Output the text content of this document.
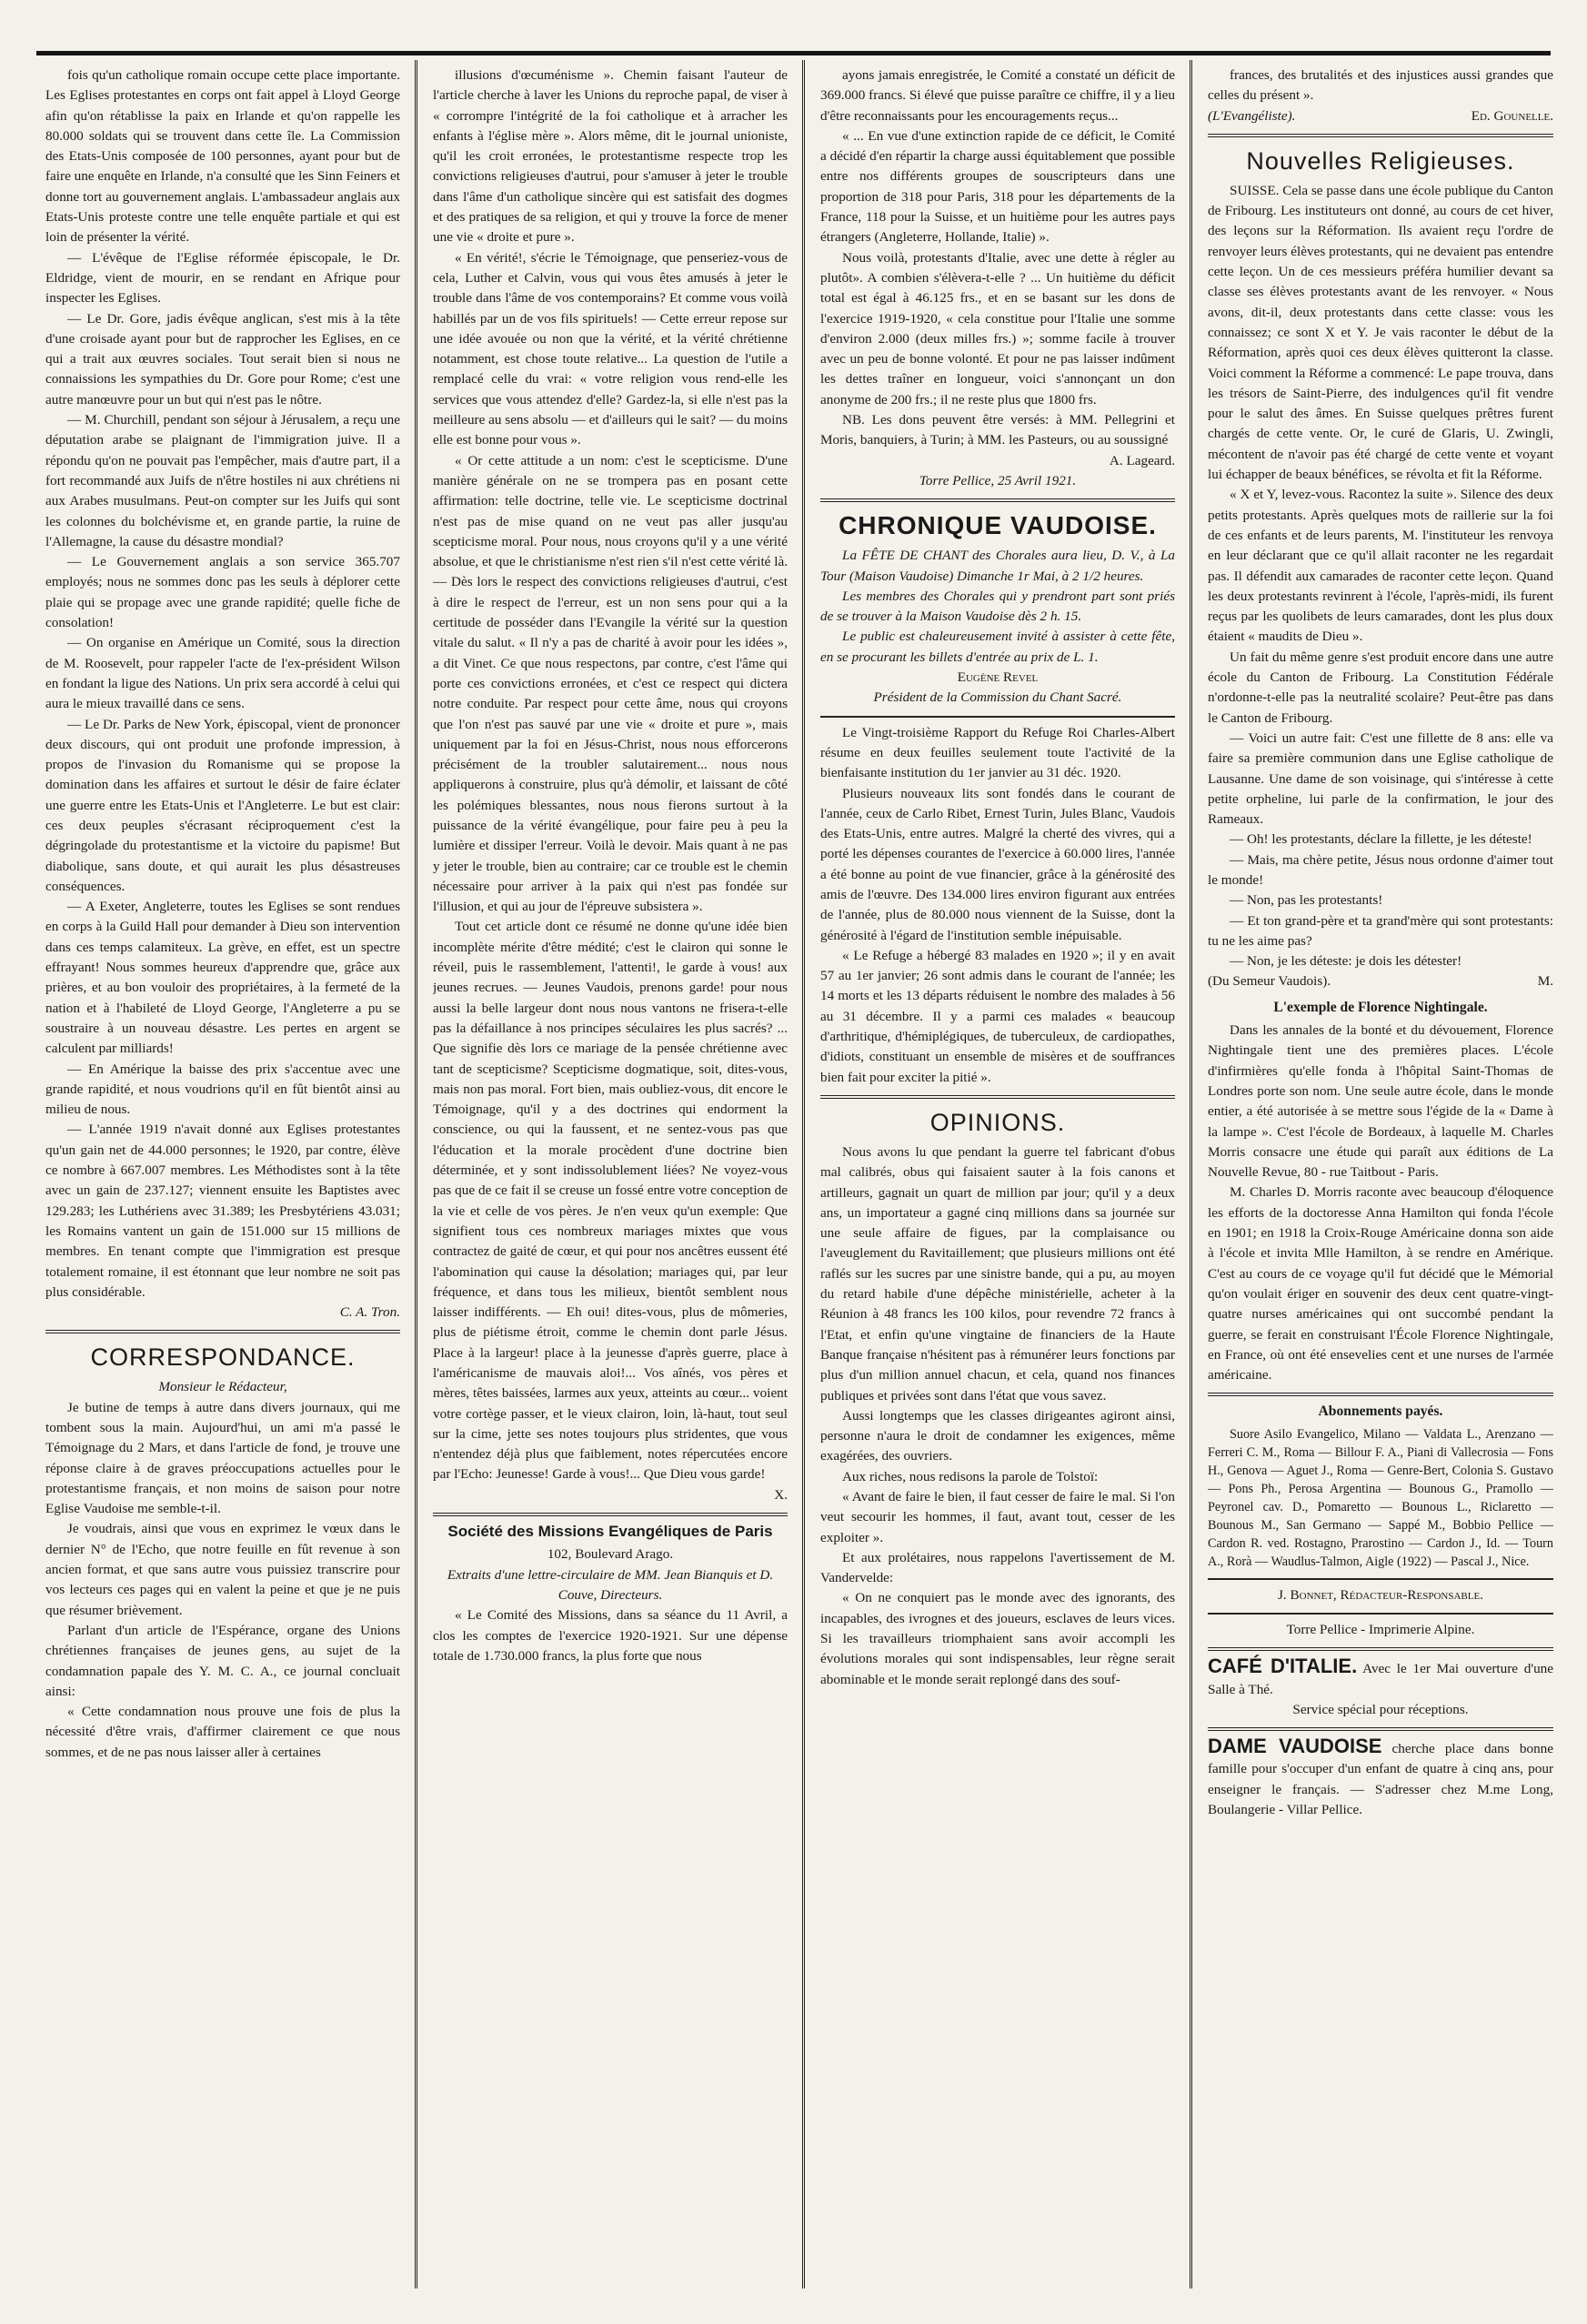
fois qu'un catholique romain occupe cette place importante. Les Eglises protestantes en corps ont fait appel à Lloyd George afin qu'on rétablisse la paix en Irlande et qu'on rappelle les 80.000 soldats qui se trouvent dans cette île. La Commission des Etats-Unis composée de 100 personnes, ayant pour but de faire une enquête en Irlande, n'a consulté que les Sinn Feiners et donne tort au gouvernement anglais. L'ambassadeur anglais aux Etats-Unis proteste contre une telle enquête partiale et qui est loin de présenter la vérité.

— L'évêque de l'Eglise réformée épiscopale, le Dr. Eldridge, vient de mourir, en se rendant en Afrique pour inspecter les Eglises.

— Le Dr. Gore, jadis évêque anglican, s'est mis à la tête d'une croisade ayant pour but de rapprocher les Eglises, en ce qui a trait aux œuvres sociales. Tout serait bien si nous ne connaissions les sympathies du Dr. Gore pour Rome; c'est une autre manœuvre pour un but qui n'est pas le nôtre.

— M. Churchill, pendant son séjour à Jérusalem, a reçu une députation arabe se plaignant de l'immigration juive. Il a répondu qu'on ne pouvait pas l'empêcher, mais d'autre part, il a fort recommandé aux Juifs de n'être hostiles ni aux chrétiens ni aux Arabes musulmans. Peut-on compter sur les Juifs qui sont les colonnes du bolchévisme et, en grande partie, la ruine de l'Allemagne, la cause du désastre mondial?

— Le Gouvernement anglais a son service 365.707 employés; nous ne sommes donc pas les seuls à déplorer cette plaie qui se propage avec une grande rapidité; quelle fiche de consolation!

— On organise en Amérique un Comité, sous la direction de M. Roosevelt, pour rappeler l'acte de l'ex-président Wilson en fondant la ligue des Nations. Un prix sera accordé à celui qui aura le mieux travaillé dans ce sens.

— Le Dr. Parks de New York, épiscopal, vient de prononcer deux discours, qui ont produit une profonde impression, à propos de l'invasion du Romanisme qui se propose la domination dans les affaires et surtout le désir de faire éclater une guerre entre les Etats-Unis et l'Angleterre. Le but est clair: ces deux peuples s'écrasant réciproquement c'est la dégringolade du protestantisme et la victoire du papisme! But diabolique, sans doute, et qui aurait les plus désastreuses conséquences.

— A Exeter, Angleterre, toutes les Eglises se sont rendues en corps à la Guild Hall pour demander à Dieu son intervention dans ces temps calamiteux. La grève, en effet, est un spectre effrayant! Nous sommes heureux d'apprendre que, grâce aux prières, et au bon vouloir des propriétaires, à la fermeté de la nation et à l'habileté de Lloyd George, l'Angleterre a pu se soustraire à un nouveau désastre. Les pertes en argent se calculent par milliards!

— En Amérique la baisse des prix s'accentue avec une grande rapidité, et nous voudrions qu'il en fût bientôt ainsi au milieu de nous.

— L'année 1919 n'avait donné aux Eglises protestantes qu'un gain net de 44.000 personnes; le 1920, par contre, élève ce nombre à 667.007 membres. Les Méthodistes sont à la tête avec un gain de 237.127; viennent ensuite les Baptistes avec 129.283; les Luthériens avec 31.389; les Presbytériens 43.031; les Romains vantent un gain de 151.000 sur 15 millions de membres. En tenant compte que l'immigration est presque totalement romaine, il est étonnant que leur nombre ne soit pas plus considérable.

C. A. Tron.

CORRESPONDANCE.

Monsieur le Rédacteur,

Je butine de temps à autre dans divers journaux, qui me tombent sous la main. Aujourd'hui, un ami m'a passé le Témoignage du 2 Mars, et dans l'article de fond, je trouve une réponse claire à de graves préoccupations actuelles pour le protestantisme français, et non moins de saison pour notre Eglise Vaudoise me semble-t-il.

Je voudrais, ainsi que vous en exprimez le vœux dans le dernier N° de l'Echo, que notre feuille en fût revenue à son ancien format, et que sans autre vous puissiez transcrire pour vos lecteurs ces pages qui en valent la peine et que je ne puis que résumer brièvement.

Parlant d'un article de l'Espérance, organe des Unions chrétiennes françaises de jeunes gens, au sujet de la condamnation papale des Y. M. C. A., ce journal concluait ainsi:

« Cette condamnation nous prouve une fois de plus la nécessité d'être vrais, d'affirmer clairement ce que nous sommes, et de ne pas nous laisser aller à certaines

illusions d'œcuménisme ». Chemin faisant l'auteur de l'article cherche à laver les Unions du reproche papal, de viser à « corrompre l'intégrité de la foi catholique et à arracher les enfants à l'église mère ». Alors même, dit le journal unioniste, qu'il les croit erronées, le protestantisme respecte trop les convictions religieuses d'autrui, pour s'amuser à jeter le trouble dans l'âme d'un catholique sincère qui est satisfait des dogmes et des pratiques de sa religion, et qui y trouve la force de mener une vie « droite et pure ».

« En vérité!, s'écrie le Témoignage, que penseriez-vous de cela, Luther et Calvin, vous qui vous êtes amusés à jeter le trouble dans l'âme de vos contemporains? Et comme vous voilà habillés par un de vos fils spirituels! — Cette erreur repose sur une idée avouée ou non que la vérité, et la vérité chrétienne notamment, est chose toute relative... La question de l'utile a remplacé celle du vrai: « votre religion vous rend-elle les services que vous attendez d'elle? Gardez-la, si elle n'est pas la meilleure au sens absolu — et d'ailleurs qui le sait? — du moins elle est bonne pour vous ».

« Or cette attitude a un nom: c'est le scepticisme. D'une manière générale on ne se trompera pas en posant cette affirmation: telle doctrine, telle vie. Le scepticisme doctrinal n'est pas de mise quand on ne veut pas aller jusqu'au scepticisme moral. Pour nous, nous croyons qu'il y a une vérité absolue, et que le christianisme n'est rien s'il n'est cette vérité là. — Dès lors le respect des convictions religieuses d'autrui, c'est à dire le respect de l'erreur, est un non sens pour qui a la certitude de posséder dans l'Evangile la vérité sur la question vitale du salut. « Il n'y a pas de charité à avoir pour les idées », a dit Vinet. Ce que nous respectons, par contre, c'est l'âme qui porte ces convictions erronées, et c'est ce respect qui dictera notre conduite. Par respect pour cette âme, nous qui croyons que l'on n'est pas sauvé par une vie « droite et pure », mais uniquement par la foi en Jésus-Christ, nous nous efforcerons précisément de la troubler salutairement... nous nous appliquerons à construire, plus qu'à démolir, et laissant de côté les polémiques blessantes, nous nous fierons surtout à la puissance de la vérité évangélique, pour faire peu à peu la lumière et dissiper l'erreur. Voilà le devoir. Mais quant à ne pas y jeter le trouble, bien au contraire; car ce trouble est le chemin nécessaire pour arriver à la paix qui n'est pas fondée sur l'illusion, et qui au jour de l'épreuve subsistera ».

Tout cet article dont ce résumé ne donne qu'une idée bien incomplète mérite d'être médité; c'est le clairon qui sonne le réveil, puis le rassemblement, l'attenti!, le garde à vous! aux jeunes recrues. — Jeunes Vaudois, prenons garde! pour nous aussi la belle largeur dont nous nous vantons ne frisera-t-elle pas la défaillance à nos principes séculaires les plus sacrés? ... Que signifie dès lors ce mariage de la pensée chrétienne avec tant de scepticisme? Scepticisme dogmatique, soit, dites-vous, mais non pas moral. Fort bien, mais oubliez-vous, dit encore le Témoignage, qu'il y a des doctrines qui endorment la conscience, ou qui la faussent, et ne sentez-vous pas que l'éducation et la morale procèdent d'une doctrine bien déterminée, et y sont indissolublement liées? Ne voyez-vous pas que de ce fait il se creuse un fossé entre votre conception de la vie et celle de vos pères. Je n'en veux qu'un exemple: Que signifient tous ces nombreux mariages mixtes que vous contractez de gaité de cœur, et qui pour nos ancêtres eussent été l'abomination qui cause la désolation; mariages qui, par leur fréquence, et dans tous les milieux, bientôt semblent nous laisser indifférents. — Eh oui! dites-vous, plus de mômeries, plus de piétisme étroit, comme le chemin dont parle Jésus. Place à la largeur! place à la jeunesse d'après guerre, place à l'américanisme de mauvais aloi!... Vos aînés, vos pères et mères, têtes baissées, larmes aux yeux, atteints au cœur... voient votre cortège passer, et le vieux clairon, loin, là-haut, tout seul sur la cime, jette ses notes toujours plus stridentes, que vous n'entendez déjà plus que faiblement, notes répercutées encore par l'Echo: Jeunesse! Garde à vous!... Que Dieu vous garde!

X.

Société des Missions Evangéliques de Paris

102, Boulevard Arago.

Extraits d'une lettre-circulaire de MM. Jean Bianquis et D. Couve, Directeurs.

« Le Comité des Missions, dans sa séance du 11 Avril, a clos les comptes de l'exercice 1920-1921. Sur une dépense totale de 1.730.000 francs, la plus forte que nous

ayons jamais enregistrée, le Comité a constaté un déficit de 369.000 francs. Si élevé que puisse paraître ce chiffre, il y a lieu d'être reconnaissants pour les encouragements reçus...

« ... En vue d'une extinction rapide de ce déficit, le Comité a décidé d'en répartir la charge aussi équitablement que possible entre nos différents groupes de souscripteurs dans une proportion de 318 pour Paris, 318 pour les départements de la France, 118 pour la Suisse, et un huitième pour les autres pays étrangers (Angleterre, Hollande, Italie) ».

Nous voilà, protestants d'Italie, avec une dette à régler au plutôt». A combien s'élèvera-t-elle ? ... Un huitième du déficit total est égal à 46.125 frs., et en se basant sur les dons de l'exercice 1919-1920, « cela constitue pour l'Italie une somme d'environ 2.000 (deux milles frs.) »; somme facile à trouver avec un peu de bonne volonté. Et pour ne pas laisser indûment les dettes traîner en longueur, voici s'annonçant un don anonyme de 200 frs.; il ne reste plus que 1800 frs.

NB. Les dons peuvent être versés: à MM. Pellegrini et Moris, banquiers, à Turin; à MM. les Pasteurs, ou au soussigné

A. Lageard.

Torre Pellice, 25 Avril 1921.

CHRONIQUE VAUDOISE.

La FÊTE DE CHANT des Chorales aura lieu, D. V., à La Tour (Maison Vaudoise) Dimanche 1r Mai, à 2 1/2 heures.

Les membres des Chorales qui y prendront part sont priés de se trouver à la Maison Vaudoise dès 2 h. 15.

Le public est chaleureusement invité à assister à cette fête, en se procurant les billets d'entrée au prix de L. 1.

Eugène Revel

Président de la Commission du Chant Sacré.

Le Vingt-troisième Rapport du Refuge Roi Charles-Albert résume en deux feuilles seulement toute l'activité de la bienfaisante institution du 1er janvier au 31 déc. 1920.

Plusieurs nouveaux lits sont fondés dans le courant de l'année, ceux de Carlo Ribet, Ernest Turin, Jules Blanc, Vaudois des Etats-Unis, entre autres. Malgré la cherté des vivres, qui a porté les dépenses courantes de l'exercice à 60.000 lires, l'année a été bonne au point de vue financier, grâce à la générosité des amis de l'œuvre. Des 134.000 lires environ figurant aux entrées de l'année, plus de 80.000 nous viennent de la Suisse, dont la générosité à l'égard de l'institution semble inépuisable.

« Le Refuge a hébergé 83 malades en 1920 »; il y en avait 57 au 1er janvier; 26 sont admis dans le courant de l'année; les 14 morts et les 13 départs réduisent le nombre des malades à 56 au 31 décembre. Il y a parmi ces malades « beaucoup d'arthritique, d'hémiplégiques, de tuberculeux, de cardiopathes, d'idiots, constituant un ensemble de misères et de souffrances bien fait pour exciter la pitié ».

OPINIONS.

Nous avons lu que pendant la guerre tel fabricant d'obus mal calibrés, obus qui faisaient sauter à la fois canons et artilleurs, gagnait un quart de million par jour; qu'il y a deux ans, un importateur a gagné cinq millions dans sa journée sur une seule affaire de figues, par la complaisance ou l'aveuglement du Ravitaillement; que plusieurs millions ont été raflés sur les sucres par une sinistre bande, qui a pu, au moyen du retard habile d'une dépêche ministérielle, acheter à la Réunion à 48 francs les 100 kilos, pour revendre 72 francs à l'Etat, et enfin qu'une vingtaine de financiers de la Haute Banque française n'hésitent pas à rémunérer leurs fonctions par plus d'un million annuel chacun, et cela, quand nos finances publiques et privées sont dans l'état que vous savez.

Aussi longtemps que les classes dirigeantes agiront ainsi, personne n'aura le droit de condamner les exigences, même exagérées, des ouvriers.

Aux riches, nous redisons la parole de Tolstoï:

« Avant de faire le bien, il faut cesser de faire le mal. Si l'on veut secourir les hommes, il faut, avant tout, cesser de les exploiter ».

Et aux prolétaires, nous rappelons l'avertissement de M. Vandervelde:

« On ne conquiert pas le monde avec des ignorants, des incapables, des ivrognes et des joueurs, esclaves de leurs vices. Si les travailleurs triomphaient sans avoir accompli les évolutions morales qui sont indispensables, leur règne serait abominable et le monde serait replongé dans des souf-

frances, des brutalités et des injustices aussi grandes que celles du présent ».

(L'Evangéliste).	Ed. Gounelle.
Nouvelles Religieuses.

SUISSE. Cela se passe dans une école publique du Canton de Fribourg. Les instituteurs ont donné, au cours de cet hiver, des leçons sur la Réformation. Ils avaient reçu l'ordre de renvoyer leurs élèves protestants, qui ne devaient pas entendre cette leçon. Un de ces messieurs préféra humilier devant sa classe ses élèves protestants avant de les renvoyer. « Nous avons, dit-il, deux protestants dans cette classe: vous les connaissez; ce sont X et Y. Je vais raconter le début de la Réformation, après quoi ces deux élèves quitteront la classe. Voici comment la Réforme a commencé: Le pape trouva, dans les trésors de Saint-Pierre, des indulgences qu'il fit vendre pour le salut des âmes. En Suisse quelques prêtres furent chargés de cette vente. Or, le curé de Glaris, U. Zwingli, mécontent de n'avoir pas été chargé de cette vente et voyant lui échapper de beaux bénéfices, se révolta et fit la Réforme.

« X et Y, levez-vous. Racontez la suite ». Silence des deux petits protestants. Après quelques mots de raillerie sur la foi de ces enfants et de leurs parents, M. l'instituteur les renvoya en leur déclarant que ce qu'il allait raconter ne les regardait pas. Il défendit aux camarades de raconter cette leçon. Quand les deux protestants revinrent à l'école, l'après-midi, ils furent reçus par les quolibets de leurs camarades, dont les plus doux étaient « maudits de Dieu ».

Un fait du même genre s'est produit encore dans une autre école du Canton de Fribourg. La Constitution Fédérale n'ordonne-t-elle pas la neutralité scolaire? Peut-être pas dans le Canton de Fribourg.

— Voici un autre fait: C'est une fillette de 8 ans: elle va faire sa première communion dans une Eglise catholique de Lausanne. Une dame de son voisinage, qui s'intéresse à cette petite orpheline, lui parle de la confirmation, le jour des Rameaux.

— Oh! les protestants, déclare la fillette, je les déteste!

— Mais, ma chère petite, Jésus nous ordonne d'aimer tout le monde!

— Non, pas les protestants!

— Et ton grand-père et ta grand'mère qui sont protestants: tu ne les aime pas?

— Non, je les déteste: je dois les détester!

(Du Semeur Vaudois).	M.
L'exemple de Florence Nightingale.

Dans les annales de la bonté et du dévouement, Florence Nightingale tient une des premières places. L'école d'infirmières qu'elle fonda à l'hôpital Saint-Thomas de Londres porte son nom. Une seule autre école, dans le monde entier, a été autorisée à se mettre sous l'égide de la « Dame à la lampe ». C'est l'école de Bordeaux, à laquelle M. Charles Morris consacre une étude qui paraît aux éditions de La Nouvelle Revue, 80 - rue Taitbout - Paris.

M. Charles D. Morris raconte avec beaucoup d'éloquence les efforts de la doctoresse Anna Hamilton qui fonda l'école en 1901; en 1918 la Croix-Rouge Américaine donna son aide à l'école et invita Mlle Hamilton, à se rendre en Amérique. C'est au cours de ce voyage qu'il fut décidé que le Mémorial qu'on voulait ériger en souvenir des deux cent quatre-vingt-quatre nurses américaines qui ont succombé pendant la guerre, se ferait en construisant l'École Florence Nightingale, en France, où ont été ensevelies cent et une nurses de l'armée américaine.

Abonnements payés.

Suore Asilo Evangelico, Milano — Valdata L., Arenzano — Ferreri C. M., Roma — Billour F. A., Piani di Vallecrosia — Fons H., Genova — Aguet J., Roma — Genre-Bert, Colonia S. Gustavo — Pons Ph., Perosa Argentina — Bounous G., Pramollo — Peyronel cav. D., Pomaretto — Bounous L., Riclaretto — Bounous M., San Germano — Sappé M., Bobbio Pellice — Cardon R. ved. Rostagno, Prarostino — Cardon J., Id. — Tourn A., Rorà — Waudlus-Talmon, Aigle (1922) — Pascal J., Nice.

J. Bonnet, Rédacteur-Responsable.

Torre Pellice - Imprimerie Alpine.

CAFÉ D'ITALIE. Avec le 1er Mai ouverture d'une Salle à Thé.

Service spécial pour réceptions.

DAME VAUDOISE cherche place dans bonne famille pour s'occuper d'un enfant de quatre à cinq ans, pour enseigner le français. — S'adresser chez M.me Long, Boulangerie - Villar Pellice.
